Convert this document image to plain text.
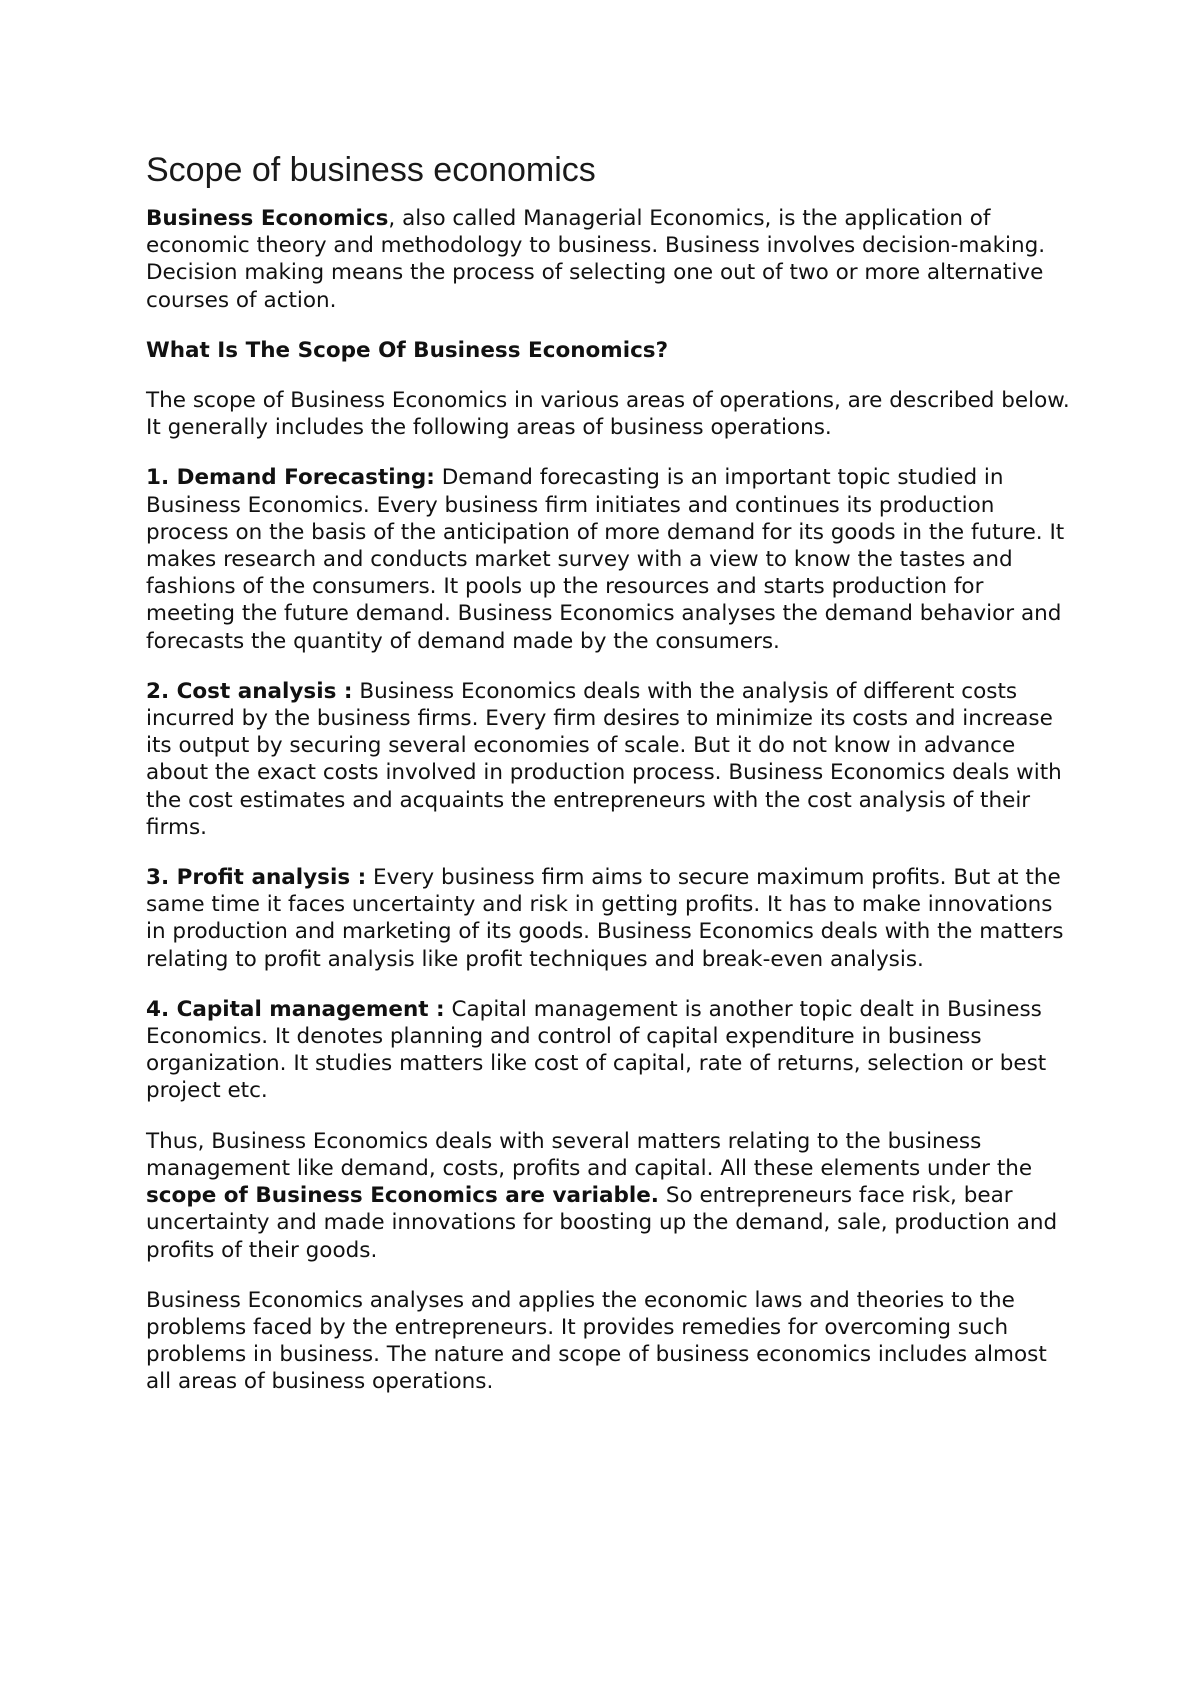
Scope of business economics

Business Economics, also called Managerial Economics, is the application of economic theory and methodology to business. Business involves decision-making. Decision making means the process of selecting one out of two or more alternative courses of action.

What Is The Scope Of Business Economics?

The scope of Business Economics in various areas of operations, are described below. It generally includes the following areas of business operations.

1. Demand Forecasting: Demand forecasting is an important topic studied in Business Economics. Every business firm initiates and continues its production process on the basis of the anticipation of more demand for its goods in the future. It makes research and conducts market survey with a view to know the tastes and fashions of the consumers. It pools up the resources and starts production for meeting the future demand. Business Economics analyses the demand behavior and forecasts the quantity of demand made by the consumers.

2. Cost analysis : Business Economics deals with the analysis of different costs incurred by the business firms. Every firm desires to minimize its costs and increase its output by securing several economies of scale. But it do not know in advance about the exact costs involved in production process. Business Economics deals with the cost estimates and acquaints the entrepreneurs with the cost analysis of their firms.

3. Profit analysis : Every business firm aims to secure maximum profits. But at the same time it faces uncertainty and risk in getting profits. It has to make innovations in production and marketing of its goods. Business Economics deals with the matters relating to profit analysis like profit techniques and break-even analysis.

4. Capital management : Capital management is another topic dealt in Business Economics. It denotes planning and control of capital expenditure in business organization. It studies matters like cost of capital, rate of returns, selection or best project etc.

Thus, Business Economics deals with several matters relating to the business management like demand, costs, profits and capital. All these elements under the scope of Business Economics are variable. So entrepreneurs face risk, bear uncertainty and made innovations for boosting up the demand, sale, production and profits of their goods.

Business Economics analyses and applies the economic laws and theories to the problems faced by the entrepreneurs. It provides remedies for overcoming such problems in business. The nature and scope of business economics includes almost all areas of business operations.
